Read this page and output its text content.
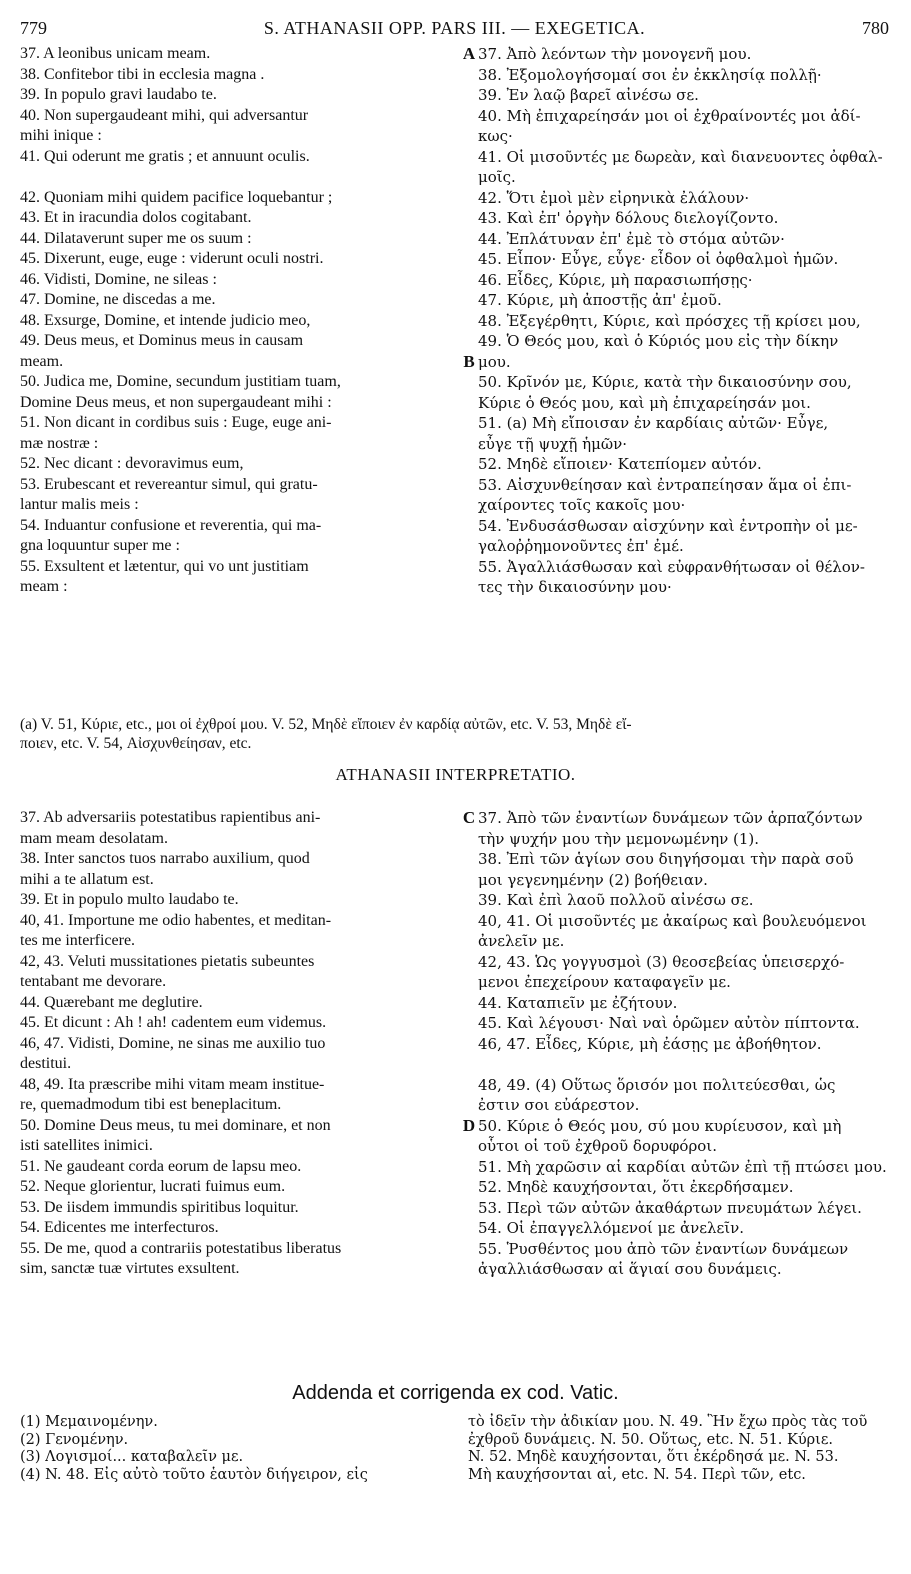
779	S. ATHANASII OPP. PARS III. — EXEGETICA.	780
37. A leonibus unicam meam.	A 37. Ἀπὸ λεόντων τὴν μονογενῆ μου.
38. Confitebor tibi in ecclesia magna .	38. Ἐξομολογήσομαί σοι ἐν ἐκκλησίᾳ πολλῇ·
39. In populo gravi laudabo te.	39. Ἐν λαῷ βαρεῖ αἰνέσω σε.
40. Non supergaudeant mihi, qui adversantur	40. Μὴ ἐπιχαρείησάν μοι οἱ ἐχθραίνοντές μοι ἀδί-
mihi inique :	κως·
41. Qui oderunt me gratis ; et annuunt oculis.	41. Οἱ μισοῦντές με δωρεὰν, καὶ διανευοντες ὀφθαλ-
μοῖς.
42. Quoniam mihi quidem pacifice loquebantur ;	42. Ὅτι ἐμοὶ μὲν εἰρηνικὰ ἐλάλουν·
43. Et in iracundia dolos cogitabant.	43. Καὶ ἐπ' ὀργὴν δόλους διελογίζοντο.
44. Dilataverunt super me os suum :	44. Ἐπλάτυναν ἐπ' ἐμὲ τὸ στόμα αὐτῶν·
45. Dixerunt, euge, euge : viderunt oculi nostri.	45. Εἶπον· Εὖγε, εὖγε· εἶδον οἱ ὀφθαλμοὶ ἡμῶν.
46. Vidisti, Domine, ne sileas :	46. Εἶδες, Κύριε, μὴ παρασιωπήσῃς·
47. Domine, ne discedas a me.	47. Κύριε, μὴ ἀποστῇς ἀπ' ἐμοῦ.
48. Exsurge, Domine, et intende judicio meo,	48. Ἐξεγέρθητι, Κύριε, καὶ πρόσχες τῇ κρίσει μου,
49. Deus meus, et Dominus meus in causam	49. Ὁ Θεός μου, καὶ ὁ Κύριός μου εἰς τὴν δίκην
meam.	B μου.
50. Judica me, Domine, secundum justitiam tuam,	50. Κρῖνόν με, Κύριε, κατὰ τὴν δικαιοσύνην σου,
Domine Deus meus, et non supergaudeant mihi :	Κύριε ὁ Θεός μου, καὶ μὴ ἐπιχαρείησάν μοι.
51. Non dicant in cordibus suis : Euge, euge ani-	51. (a) Μὴ εἴποισαν ἐν καρδίαις αὐτῶν· Εὖγε,
mæ nostræ :	εὖγε τῇ ψυχῇ ἡμῶν·
52. Nec dicant : devoravimus eum,	52. Μηδὲ εἴποιεν· Κατεπίομεν αὐτόν.
53. Erubescant et revereantur simul, qui gratu-	53. Αἰσχυνθείησαν καὶ ἐντραπείησαν ἅμα οἱ ἐπι-
lantur malis meis :	χαίροντες τοῖς κακοῖς μου·
54. Induantur confusione et reverentia, qui ma-	54. Ἐνδυσάσθωσαν αἰσχύνην καὶ ἐντροπὴν οἱ με-
gna loquuntur super me :	γαλοῤῥημονοῦντες ἐπ' ἐμέ.
55. Exsultent et lætentur, qui vo unt justitiam	55. Ἀγαλλιάσθωσαν καὶ εὐφρανθήτωσαν οἱ θέλον-
meam :	τες τὴν δικαιοσύνην μου·
(a) V. 51, Κύριε, etc., μοι οἱ ἐχθροί μου. V. 52, Μηδὲ εἴποιεν ἐν καρδίᾳ αὐτῶν, etc. V. 53, Μηδὲ εἴ-
ποιεν, etc. V. 54, Αἰσχυνθείησαν, etc.
ATHANASII INTERPRETATIO.
37. Ab adversariis potestatibus rapientibus ani-	C 37. Ἀπὸ τῶν ἐναντίων δυνάμεων τῶν ἁρπαζόντων
mam meam desolatam.	τὴν ψυχήν μου τὴν μεμονωμένην (1).
38. Inter sanctos tuos narrabo auxilium, quod	38. Ἐπὶ τῶν ἁγίων σου διηγήσομαι τὴν παρὰ σοῦ
mihi a te allatum est.	μοι γεγενημένην (2) βοήθειαν.
39. Et in populo multo laudabo te.	39. Καὶ ἐπὶ λαοῦ πολλοῦ αἰνέσω σε.
40, 41. Importune me odio habentes, et meditan-	40, 41. Οἱ μισοῦντές με ἀκαίρως καὶ βουλευόμενοι
tes me interficere.	ἀνελεῖν με.
42, 43. Veluti mussitationes pietatis subeuntes	42, 43. Ὡς γογγυσμοὶ (3) θεοσεβείας ὑπεισερχό-
tentabant me devorare.	μενοι ἐπεχείρουν καταφαγεῖν με.
44. Quærebant me deglutire.	44. Καταπιεῖν με ἐζήτουν.
45. Et dicunt : Ah ! ah! cadentem eum videmus.	45. Καὶ λέγουσι· Ναὶ ναὶ ὁρῶμεν αὐτὸν πίπτοντα.
46, 47. Vidisti, Domine, ne sinas me auxilio tuo	46, 47. Εἶδες, Κύριε, μὴ ἐάσῃς με ἀβοήθητον.
destitui.
48, 49. Ita præscribe mihi vitam meam institue-	48, 49. (4) Οὕτως ὅρισόν μοι πολιτεύεσθαι, ὡς
re, quemadmodum tibi est beneplacitum.	ἐστιν σοι εὐάρεστον.
50. Domine Deus meus, tu mei dominare, et non	D 50. Κύριε ὁ Θεός μου, σύ μου κυρίευσον, καὶ μὴ
isti satellites inimici.	οὗτοι οἱ τοῦ ἐχθροῦ δορυφόροι.
51. Ne gaudeant corda eorum de lapsu meo.	51. Μὴ χαρῶσιν αἱ καρδίαι αὐτῶν ἐπὶ τῇ πτώσει μου.
52. Neque glorientur, lucrati fuimus eum.	52. Μηδὲ καυχήσονται, ὅτι ἐκερδήσαμεν.
53. De iisdem immundis spiritibus loquitur.	53. Περὶ τῶν αὐτῶν ἀκαθάρτων πνευμάτων λέγει.
54. Edicentes me interfecturos.	54. Οἱ ἐπαγγελλόμενοί με ἀνελεῖν.
55. De me, quod a contrariis potestatibus liberatus	55. Ῥυσθέντος μου ἀπὸ τῶν ἐναντίων δυνάμεων
sim, sanctæ tuæ virtutes exsultent.	ἀγαλλιάσθωσαν αἱ ἅγιαί σου δυνάμεις.
Addenda et corrigenda ex cod. Vatic.
(1) Μεμαινομένην.
(2) Γενομένην.
(3) Λογισμοί... καταβαλεῖν με.
(4) N. 48. Εἰς αὐτὸ τοῦτο ἑαυτὸν διήγειρον, εἰς
τὸ ἰδεῖν τὴν ἀδικίαν μου. N. 49. Ἣν ἔχω πρὸς τὰς τοῦ
ἐχθροῦ δυνάμεις. N. 50. Οὕτως, etc. N. 51. Κύριε.
N. 52. Μηδὲ καυχήσονται, ὅτι ἐκέρδησά με. N. 53.
Μὴ καυχήσονται αἱ, etc. N. 54. Περὶ τῶν, etc.
